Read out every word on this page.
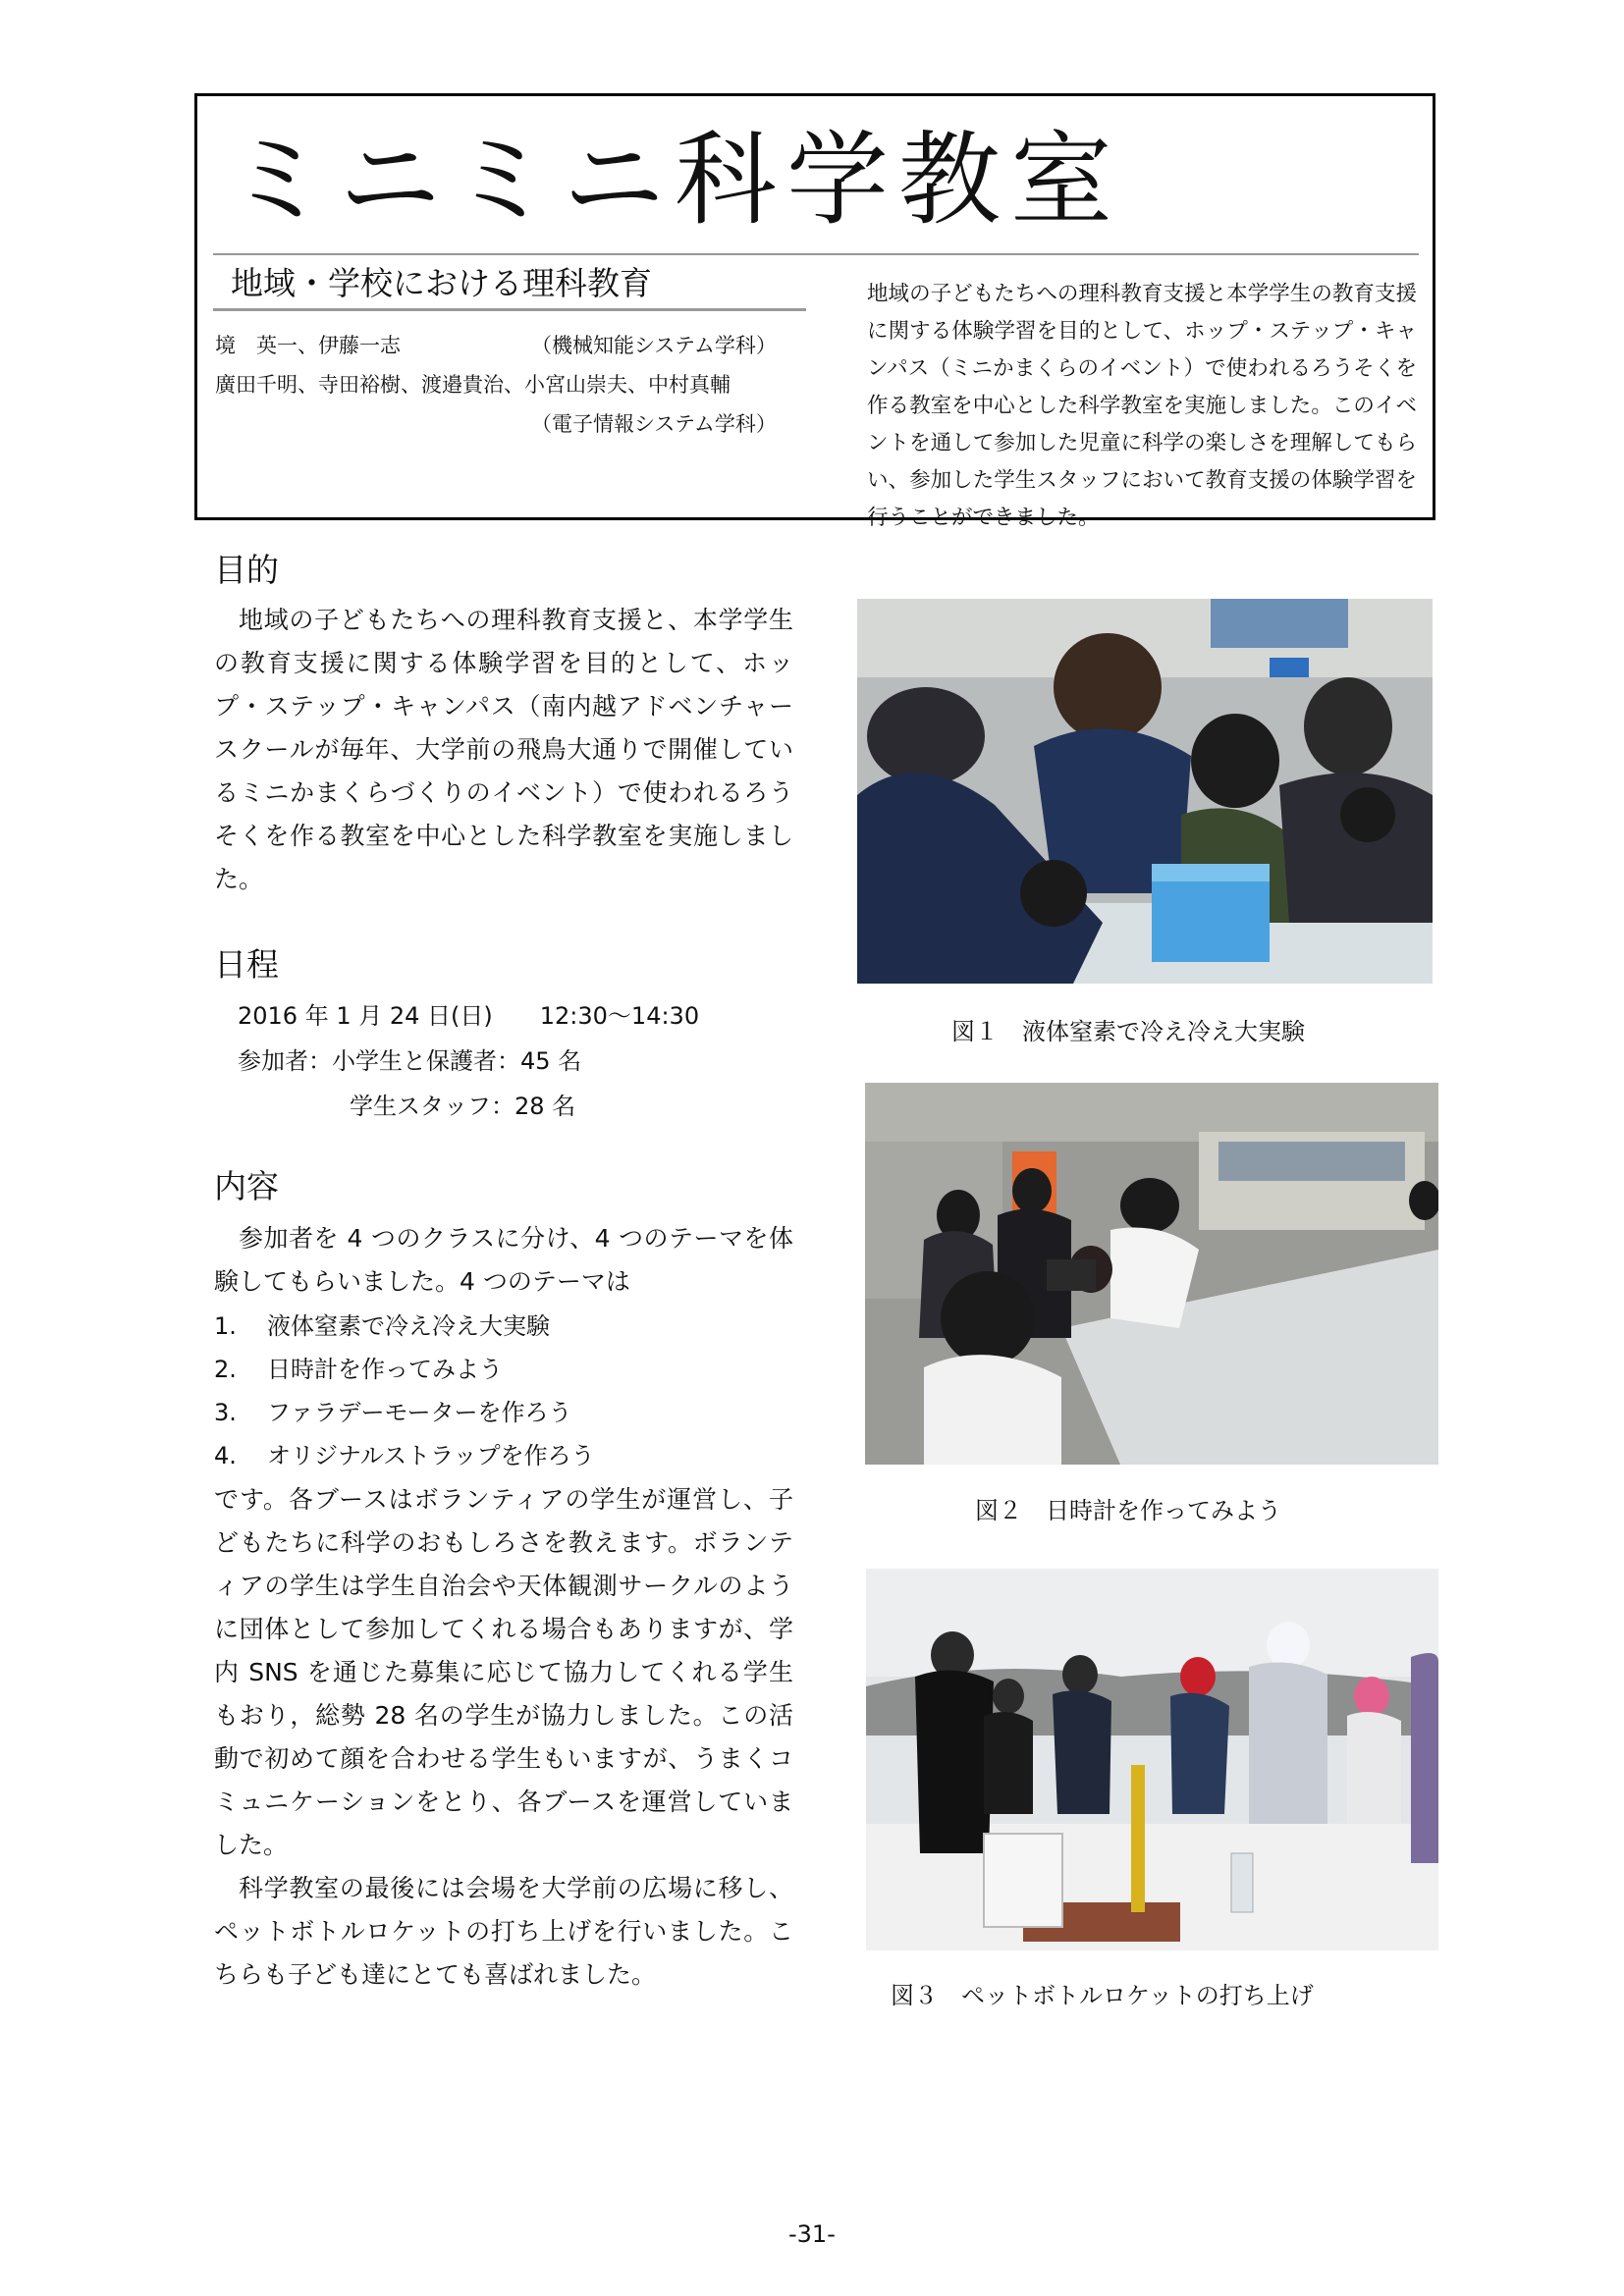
ミニミニ科学教室
地域・学校における理科教育
境　英一、伊藤一志	（機械知能システム学科）
廣田千明、寺田裕樹、渡邉貴治、小宮山崇夫、中村真輔
（電子情報システム学科）
地域の子どもたちへの理科教育支援と本学学生の教育支援に関する体験学習を目的として、ホップ・ステップ・キャンパス（ミニかまくらのイベント）で使われるろうそくを作る教室を中心とした科学教室を実施しました。このイベントを通して参加した児童に科学の楽しさを理解してもらい、参加した学生スタッフにおいて教育支援の体験学習を行うことができました。
目的

地域の子どもたちへの理科教育支援と、本学学生の教育支援に関する体験学習を目的として、ホップ・ステップ・キャンパス（南内越アドベンチャースクールが毎年、大学前の飛鳥大通りで開催しているミニかまくらづくりのイベント）で使われるろうそくを作る教室を中心とした科学教室を実施しました。

日程
2016 年 1 月 24 日(日)　　12:30～14:30
参加者：小学生と保護者：45 名
学生スタッフ：28 名
内容

参加者を 4 つのクラスに分け、4 つのテーマを体験してもらいました。4 つのテーマは

1. 液体窒素で冷え冷え大実験
2. 日時計を作ってみよう
3. ファラデーモーターを作ろう
4. オリジナルストラップを作ろう

です。各ブースはボランティアの学生が運営し、子どもたちに科学のおもしろさを教えます。ボランティアの学生は学生自治会や天体観測サークルのように団体として参加してくれる場合もありますが、学内 SNS を通じた募集に応じて協力してくれる学生もおり，総勢 28 名の学生が協力しました。この活動で初めて顔を合わせる学生もいますが、うまくコミュニケーションをとり、各ブースを運営していました。

科学教室の最後には会場を大学前の広場に移し、ペットボトルロケットの打ち上げを行いました。こちらも子ども達にとても喜ばれました。

図１　液体窒素で冷え冷え大実験
図２　日時計を作ってみよう
図３　ペットボトルロケットの打ち上げ
-31-
